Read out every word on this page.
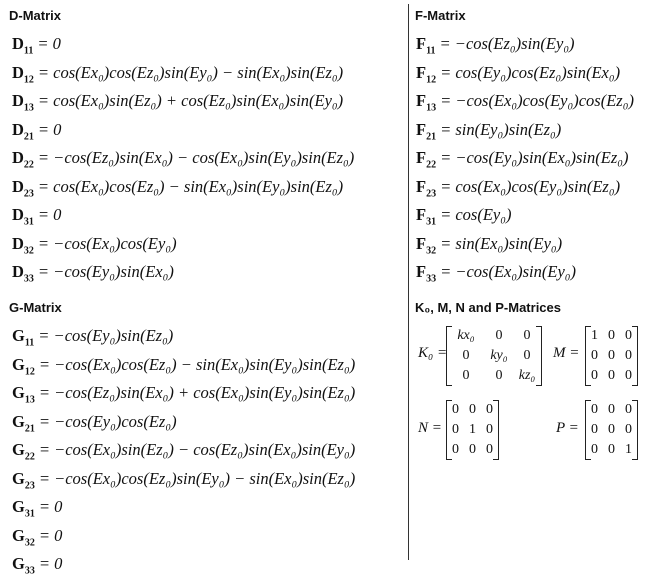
D-Matrix	F-Matrix
G-Matrix	K₀, M, N and P-Matrices
$D_{11} = 0$
$D_{12} = \cos(Ex_0)\cos(Ez_0)\sin(Ey_0) - \sin(Ex_0)\sin(Ez_0)$
$D_{13} = \cos(Ex_0)\sin(Ez_0) + \cos(Ez_0)\sin(Ex_0)\sin(Ey_0)$
$D_{21} = 0$
$D_{22} = -\cos(Ez_0)\sin(Ex_0) - \cos(Ex_0)\sin(Ey_0)\sin(Ez_0)$
$D_{23} = \cos(Ex_0)\cos(Ez_0) - \sin(Ex_0)\sin(Ey_0)\sin(Ez_0)$
$D_{31} = 0$
$D_{32} = -\cos(Ex_0)\cos(Ey_0)$
$D_{33} = -\cos(Ey_0)\sin(Ex_0)$
$F_{11} = -\cos(Ez_0)\sin(Ey_0)$
$F_{12} = \cos(Ey_0)\cos(Ez_0)\sin(Ex_0)$
$F_{13} = -\cos(Ex_0)\cos(Ey_0)\cos(Ez_0)$
$F_{21} = \sin(Ey_0)\sin(Ez_0)$
$F_{22} = -\cos(Ey_0)\sin(Ex_0)\sin(Ez_0)$
$F_{23} = \cos(Ex_0)\cos(Ey_0)\sin(Ez_0)$
$F_{31} = \cos(Ey_0)$
$F_{32} = \sin(Ex_0)\sin(Ey_0)$
$F_{33} = -\cos(Ex_0)\sin(Ey_0)$
$G_{11} = -\cos(Ey_0)\sin(Ez_0)$
$G_{12} = -\cos(Ex_0)\cos(Ez_0) - \sin(Ex_0)\sin(Ey_0)\sin(Ez_0)$
$G_{13} = -\cos(Ez_0)\sin(Ex_0) + \cos(Ex_0)\sin(Ey_0)\sin(Ez_0)$
$G_{21} = -\cos(Ey_0)\cos(Ez_0)$
$G_{22} = -\cos(Ex_0)\sin(Ez_0) - \cos(Ez_0)\sin(Ex_0)\sin(Ey_0)$
$G_{23} = -\cos(Ex_0)\cos(Ez_0)\sin(Ey_0) - \sin(Ex_0)\sin(Ez_0)$
$G_{31} = 0$
$G_{32} = 0$
$G_{33} = 0$
K₀ =
kx₀	0	0
0	ky₀	0
0	0	kz₀
M =
1 0 0
0 0 0
0 0 0
N =
0 0 0
0 1 0
0 0 0
P =
0 0 0
0 0 0
0 0 1
